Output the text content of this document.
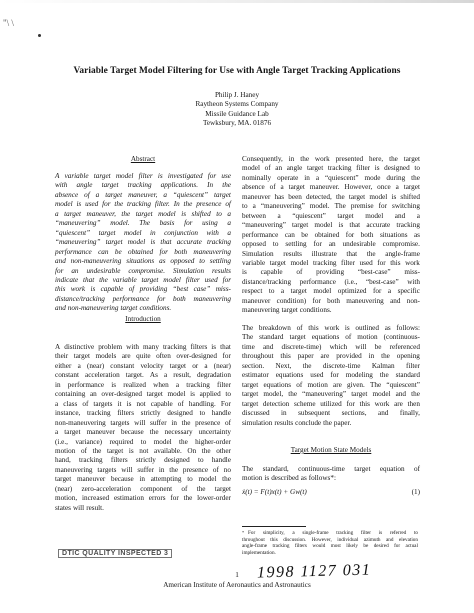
"\ \
Variable Target Model Filtering for Use with Angle Target Tracking Applications
Philip J. Haney
Raytheon Systems Company
Missile Guidance Lab
Tewksbury, MA. 01876
Abstract
A variable target model filter is investigated for use
with angle target tracking applications. In the
absence of a target maneuver, a “quiescent” target
model is used for the tracking filter. In the presence of
a target maneuver, the target model is shifted to a
“maneuvering” model. The basis for using a
“quiescent” target model in conjunction with a
“maneuvering” target model is that accurate tracking
performance can be obtained for both maneuvering
and non-maneuvering situations as opposed to settling
for an undesirable compromise. Simulation results
indicate that the variable target model filter used for
this work is capable of providing “best case” miss-
distance/tracking performance for both maneuvering
and non-maneuvering target conditions.
Introduction
A distinctive problem with many tracking filters is that
their target models are quite often over-designed for
either a (near) constant velocity target or a (near)
constant acceleration target. As a result, degradation
in performance is realized when a tracking filter
containing an over-designed target model is applied to
a class of targets it is not capable of handling. For
instance, tracking filters strictly designed to handle
non-maneuvering targets will suffer in the presence of
a target maneuver because the necessary uncertainty
(i.e., variance) required to model the higher-order
motion of the target is not available. On the other
hand, tracking filters strictly designed to handle
maneuvering targets will suffer in the presence of no
target maneuver because in attempting to model the
(near) zero-acceleration component of the target
motion, increased estimation errors for the lower-order
states will result.
Consequently, in the work presented here, the target
model of an angle target tracking filter is designed to
nominally operate in a “quiescent” mode during the
absence of a target maneuver. However, once a target
maneuver has been detected, the target model is shifted
to a “maneuvering” model. The premise for switching
between a “quiescent” target model and a
“maneuvering” target model is that accurate tracking
performance can be obtained for both situations as
opposed to settling for an undesirable compromise.
Simulation results illustrate that the angle-frame
variable target model tracking filter used for this work
is capable of providing “best-case” miss-
distance/tracking performance (i.e., “best-case” with
respect to a target model optimized for a specific
maneuver condition) for both maneuvering and non-
maneuvering target conditions.
The breakdown of this work is outlined as follows:
The standard target equations of motion (continuous-
time and discrete-time) which will be referenced
throughout this paper are provided in the opening
section. Next, the discrete-time Kalman filter
estimator equations used for modeling the standard
target equations of motion are given. The “quiescent”
target model, the “maneuvering” target model and the
target detection scheme utilized for this work are then
discussed in subsequent sections, and finally,
simulation results conclude the paper.
Target Motion State Models
The standard, continuous-time target equation of
motion is described as follows*:
ẋ(t) = F(t)x(t) + Gw(t)	(1)
* For simplicity, a single-frame tracking filter is referred to
throughout this discussion. However, individual azimuth and elevation
angle-frame tracking filters would most likely be desired for actual
implementation.
DTIC QUALITY INSPECTED 3
1	1998 1127 031
American Institute of Aeronautics and Astronautics
